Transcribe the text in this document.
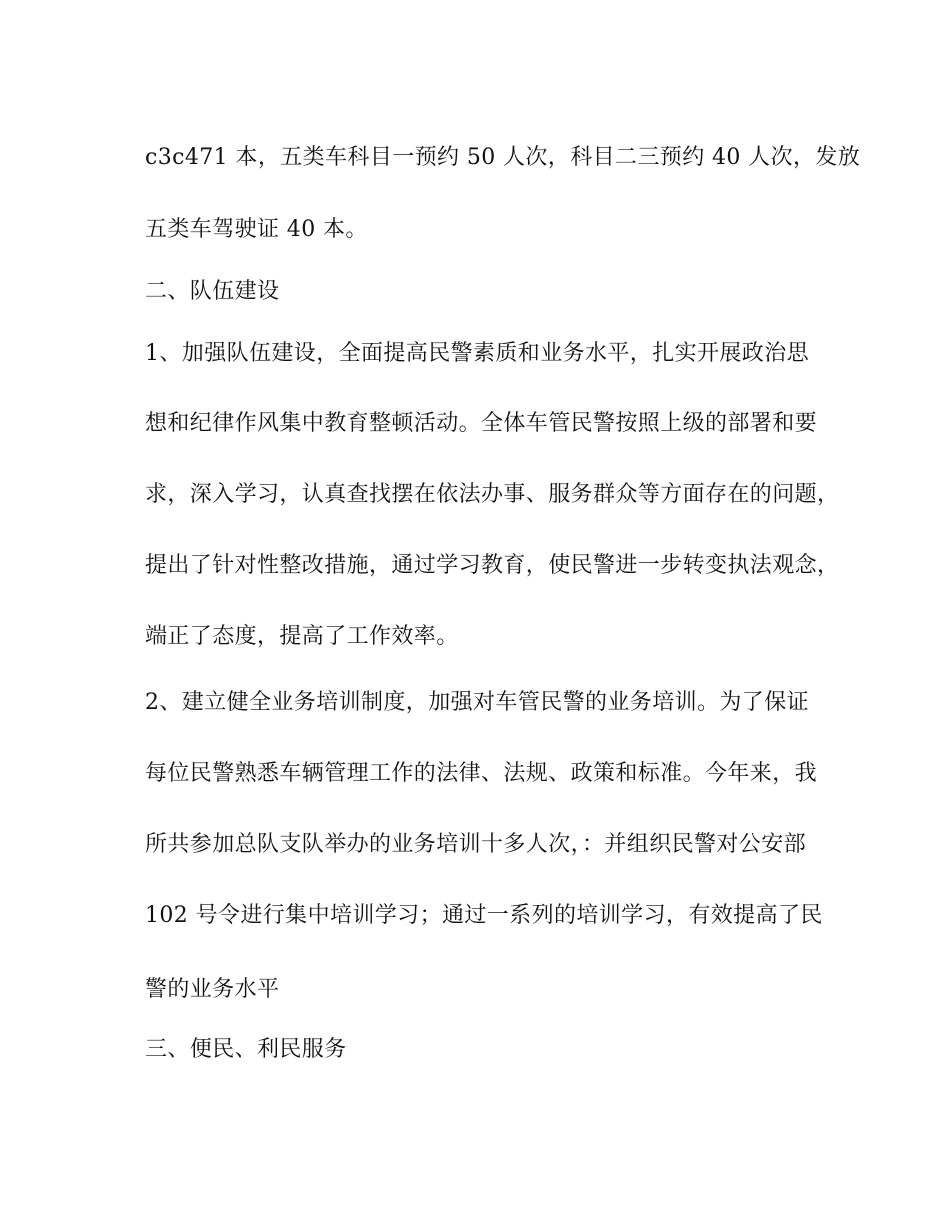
c3c471 本，五类车科目一预约 50 人次，科目二三预约 40 人次，发放
五类车驾驶证 40 本。
二、队伍建设
1、加强队伍建设，全面提高民警素质和业务水平，扎实开展政治思
想和纪律作风集中教育整顿活动。全体车管民警按照上级的部署和要
求，深入学习，认真查找摆在依法办事、服务群众等方面存在的问题，
提出了针对性整改措施，通过学习教育，使民警进一步转变执法观念，
端正了态度，提高了工作效率。
2、建立健全业务培训制度，加强对车管民警的业务培训。为了保证
每位民警熟悉车辆管理工作的法律、法规、政策和标准。今年来，我
所共参加总队支队举办的业务培训十多人次，：并组织民警对公安部
102 号令进行集中培训学习；通过一系列的培训学习，有效提高了民
警的业务水平
三、便民、利民服务
